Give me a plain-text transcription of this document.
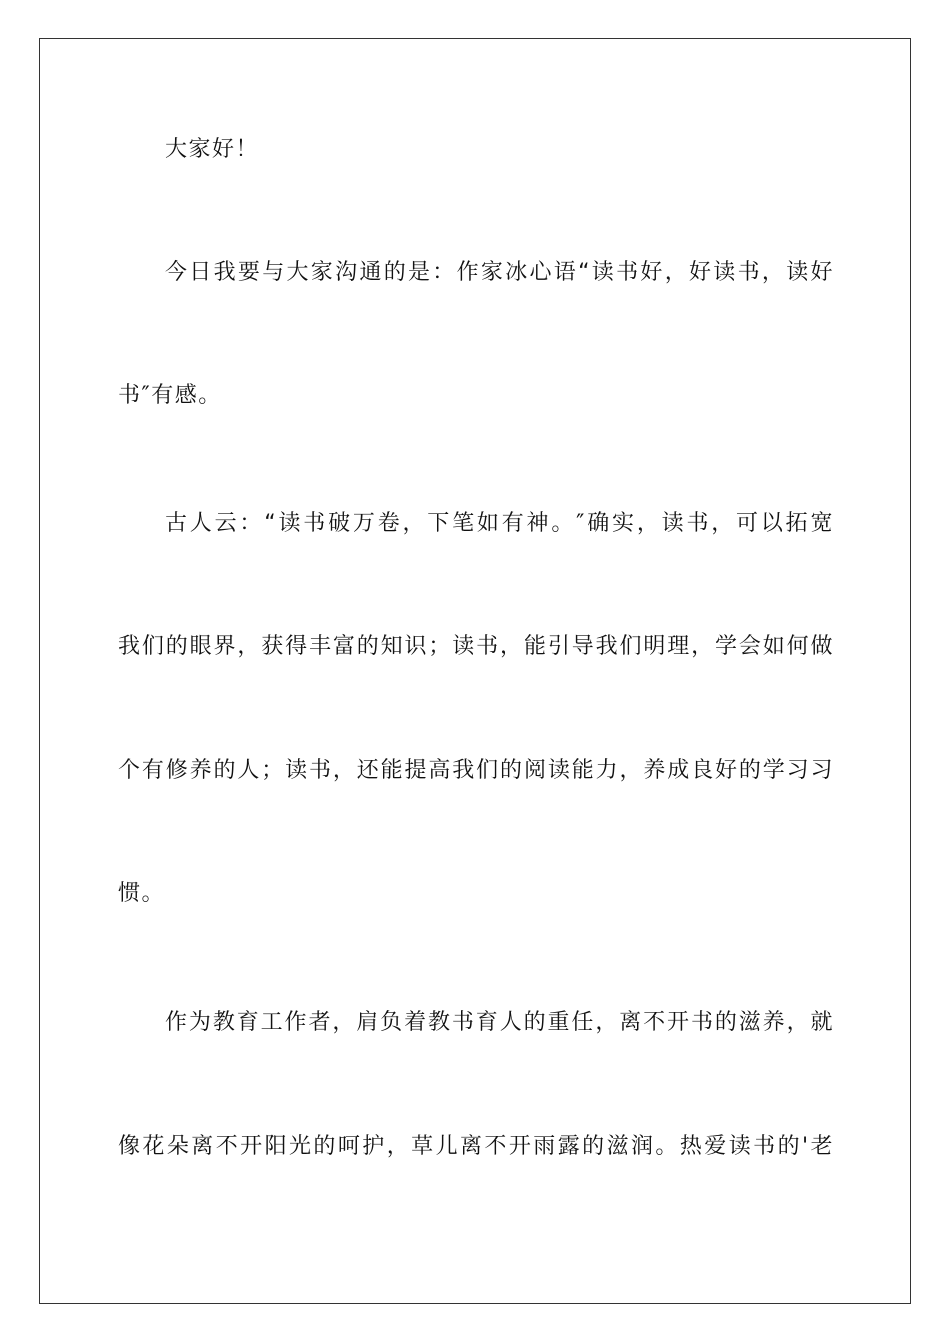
大家好！
今日我要与大家沟通的是：作家冰心语“读书好，好读书，读好
书″有感。
古人云：“读书破万卷，下笔如有神。″确实，读书，可以拓宽
我们的眼界，获得丰富的知识；读书，能引导我们明理，学会如何做
个有修养的人；读书，还能提高我们的阅读能力，养成良好的学习习
惯。
作为教育工作者，肩负着教书育人的重任，离不开书的滋养，就
像花朵离不开阳光的呵护，草儿离不开雨露的滋润。热爱读书的'老
